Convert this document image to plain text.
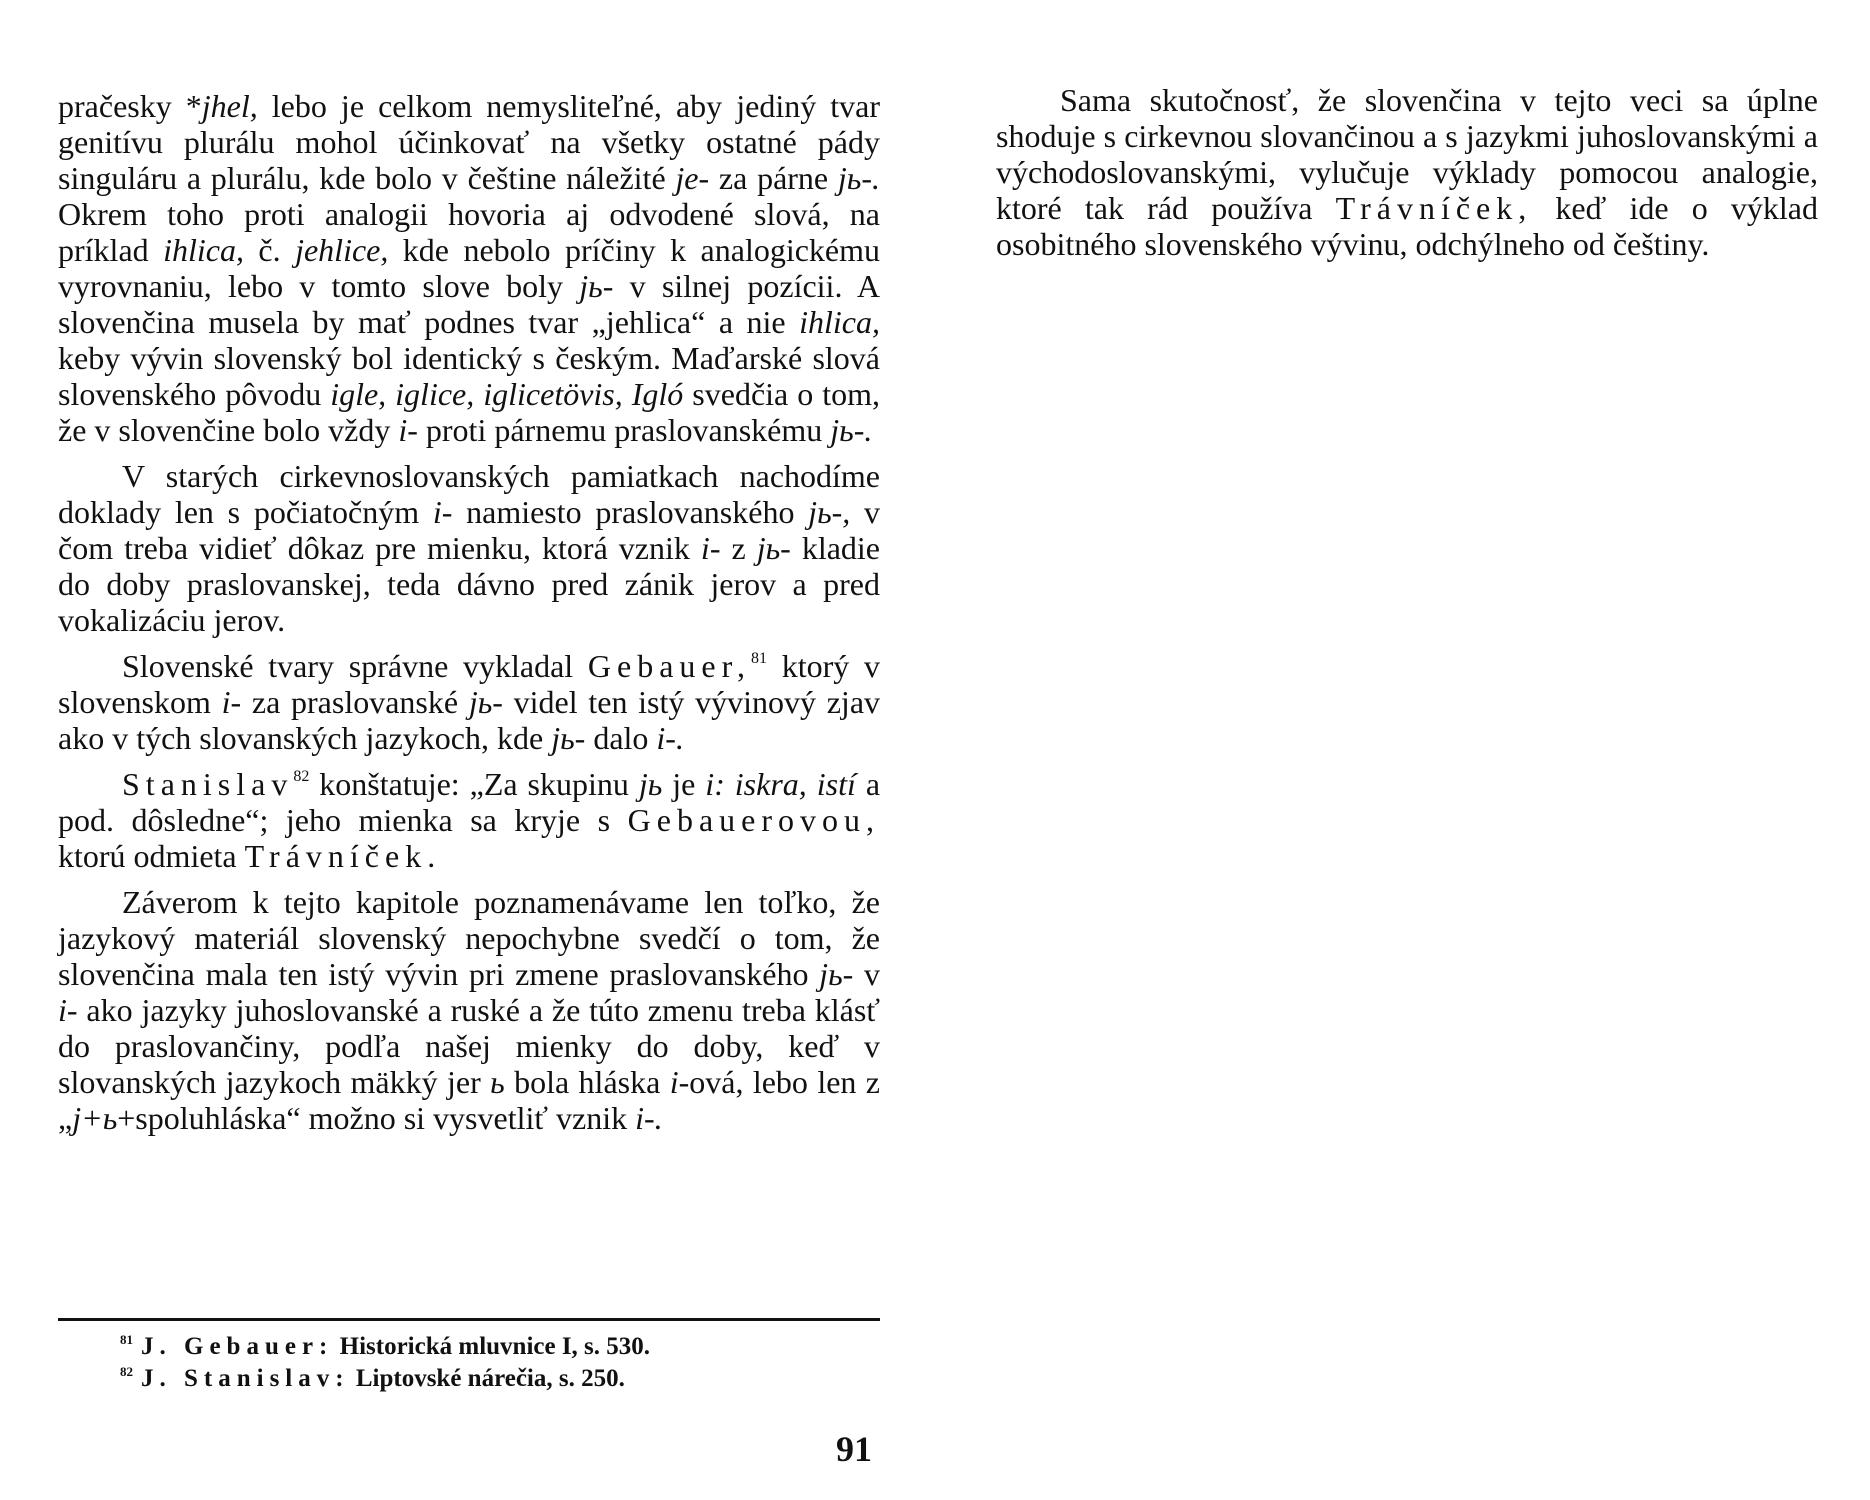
pračesky *jhel, lebo je celkom nemysliteľné, aby jediný tvar genitívu plurálu mohol účinkovať na všetky ostatné pády singuláru a plurálu, kde bolo v češtine náležité je- za párne jь-. Okrem toho proti analogii hovoria aj odvodené slová, na príklad ihlica, č. jehlice, kde nebolo príčiny k analogickému vyrovnaniu, lebo v tomto slove boly jь- v silnej pozícii. A slovenčina musela by mať podnes tvar „jehlica“ a nie ihlica, keby vývin slovenský bol identický s českým. Maďarské slová slovenského pôvodu igle, iglice, iglicetövis, Igló svedčia o tom, že v slovenčine bolo vždy i- proti párnemu praslovanskému jь-.

V starých cirkevnoslovanských pamiatkach nachodíme doklady len s počiatočným i- namiesto praslovanského jь-, v čom treba vidieť dôkaz pre mienku, ktorá vznik i- z jь- kladie do doby praslovanskej, teda dávno pred zánik jerov a pred vokalizáciu jerov.

Slovenské tvary správne vykladal Gebauer,$^{81}$ ktorý v slovenskom i- za praslovanské jь- videl ten istý vývinový zjav ako v tých slovanských jazykoch, kde jь- dalo i-.

Stanislav$^{82}$ konštatuje: „Za skupinu jь je i: iskra, istí a pod. dôsledne“; jeho mienka sa kryje s Gebauerovou, ktorú odmieta Trávníček.

Záverom k tejto kapitole poznamenávame len toľko, že jazykový materiál slovenský nepochybne svedčí o tom, že slovenčina mala ten istý vývin pri zmene praslovanského jь- v i- ako jazyky juhoslovanské a ruské a že túto zmenu treba klásť do praslovančiny, podľa našej mienky do doby, keď v slovanských jazykoch mäkký jer ь bola hláska i-ová, lebo len z „j+ь+spoluhláska“ možno si vysvetliť vznik i-.

$^{81}$ J. Gebauer: Historická mluvnice I, s. 530.
$^{82}$ J. Stanislav: Liptovské nárečia, s. 250.
91

Sama skutočnosť, že slovenčina v tejto veci sa úplne shoduje s cirkevnou slovančinou a s jazykmi juhoslovanskými a východoslovanskými, vylučuje výklady pomocou analogie, ktoré tak rád používa Trávníček, keď ide o výklad osobitného slovenského vývinu, odchýlneho od češtiny.
